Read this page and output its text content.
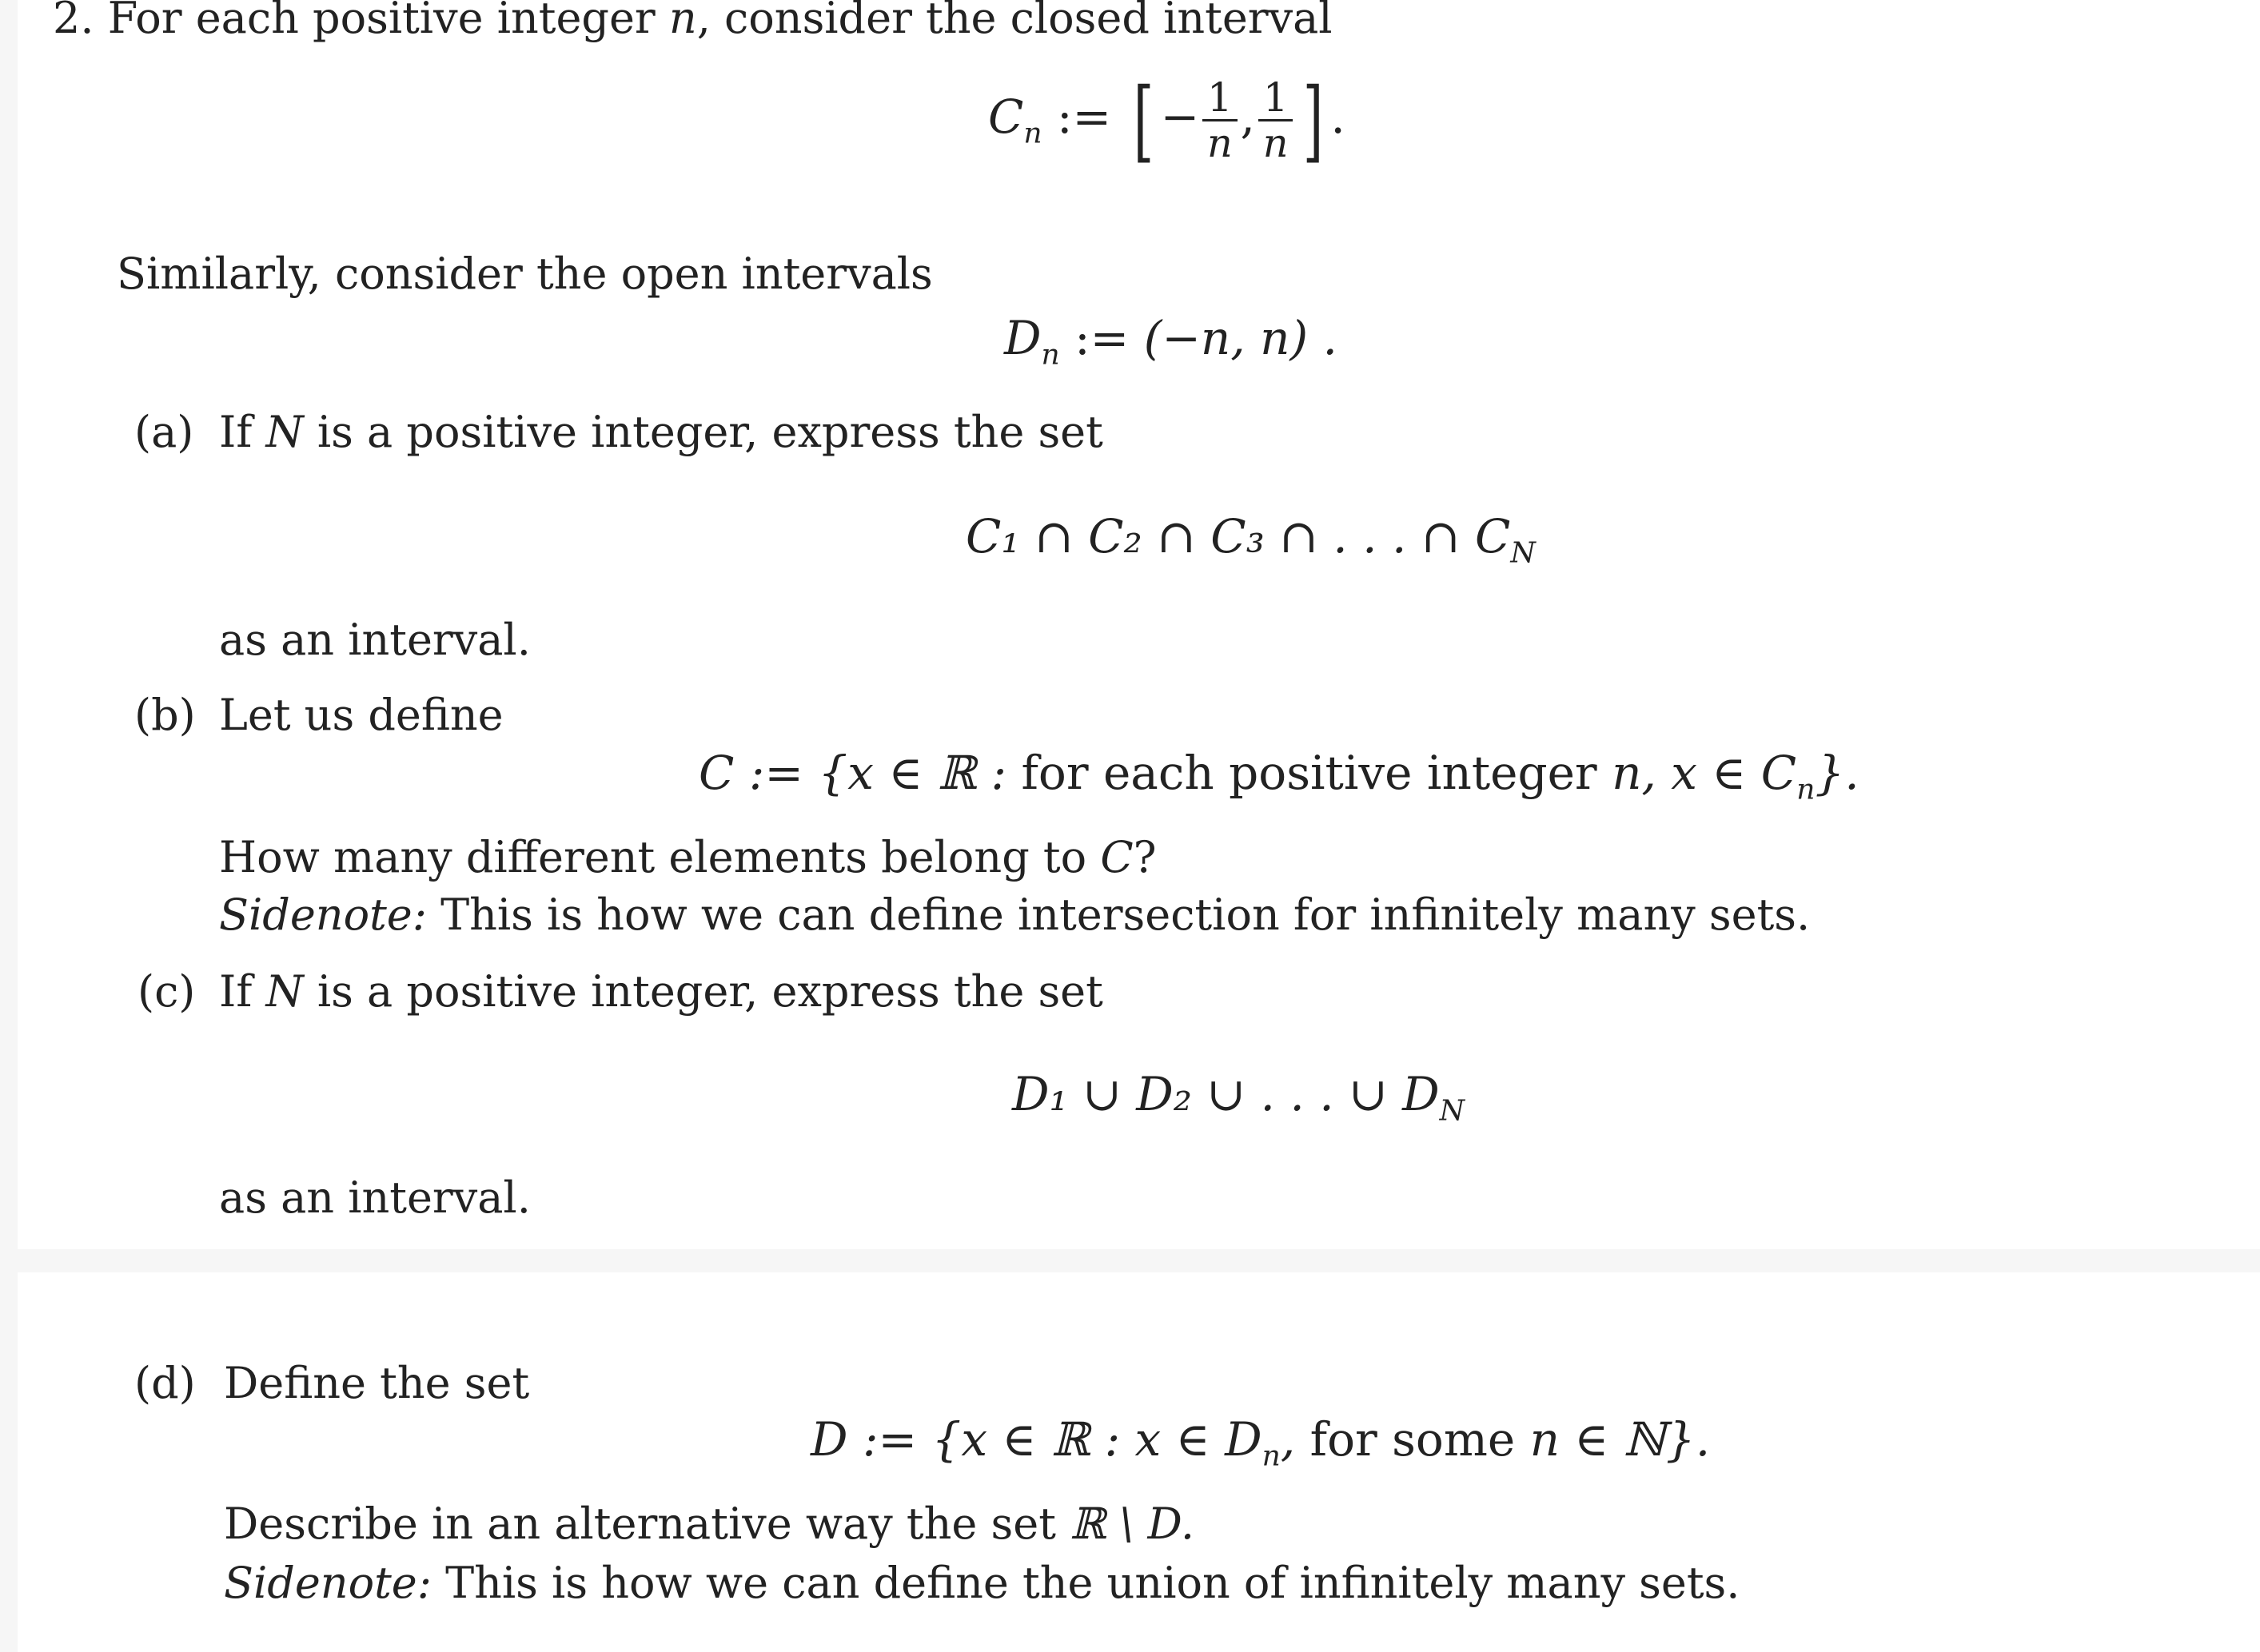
2. For each positive integer n, consider the closed interval
$C_n$ := [ − $\frac{1}{n}$ , $\frac{1}{n}$ ] .
Similarly, consider the open intervals
$D_n$ := (−n, n) .
(a) If N is a positive integer, express the set
C₁ ∩ C₂ ∩ C₃ ∩ . . . ∩ $C_N$
as an interval.
(b) Let us define
C := {x ∈ ℝ : for each positive integer n, x ∈ $C_n$}.
How many different elements belong to C?
Sidenote: This is how we can define intersection for infinitely many sets.
(c) If N is a positive integer, express the set
D₁ ∪ D₂ ∪ . . . ∪ $D_N$
as an interval.
(d) Define the set
D := {x ∈ ℝ : x ∈ $D_n$, for some n ∈ ℕ}.
Describe in an alternative way the set ℝ \ D.
Sidenote: This is how we can define the union of infinitely many sets.
